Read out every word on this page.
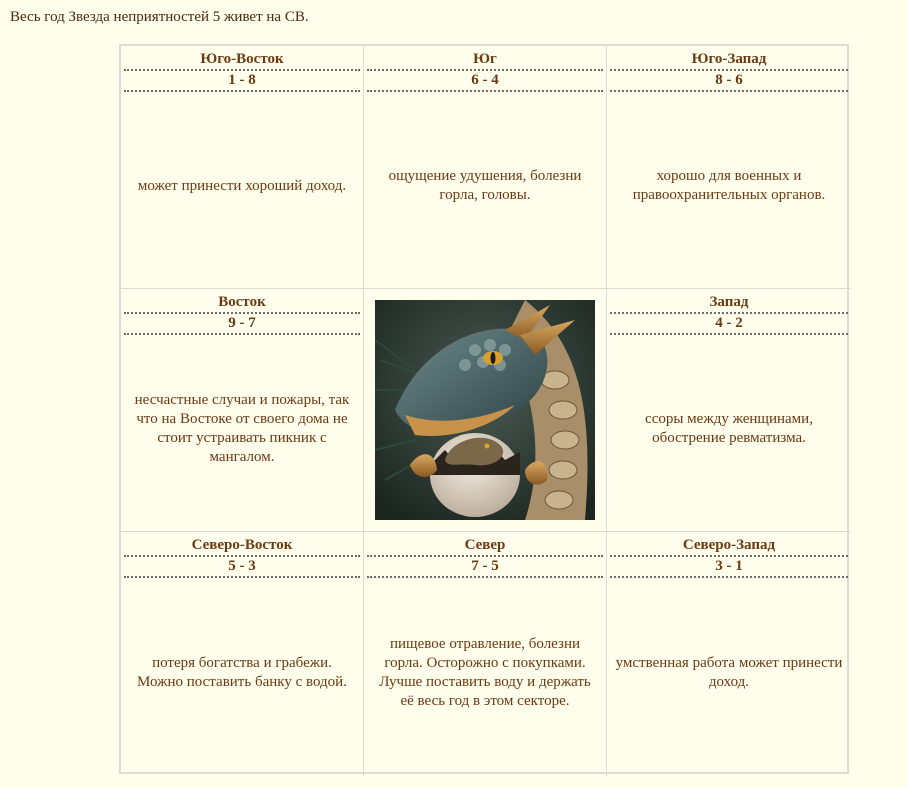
Весь год Звезда неприятностей 5 живет на СВ.
Юго-Восток
1 - 8
может принести хороший доход.
Юг
6 - 4
ощущение удушения, болезни горла, головы.
Юго-Запад
8 - 6
хорошо для военных и правоохранительных органов.
Восток
9 - 7
несчастные случаи и пожары, так что на Востоке от своего дома не стоит устраивать пикник с мангалом.
Запад
4 - 2
ссоры между женщинами, обострение ревматизма.
Северо-Восток
5 - 3
потеря богатства и грабежи. Можно поставить банку с водой.
Север
7 - 5
пищевое отравление, болезни горла. Осторожно с покупками. Лучше поставить воду и держать её весь год в этом секторе.
Северо-Запад
3 - 1
умственная работа может принести доход.
